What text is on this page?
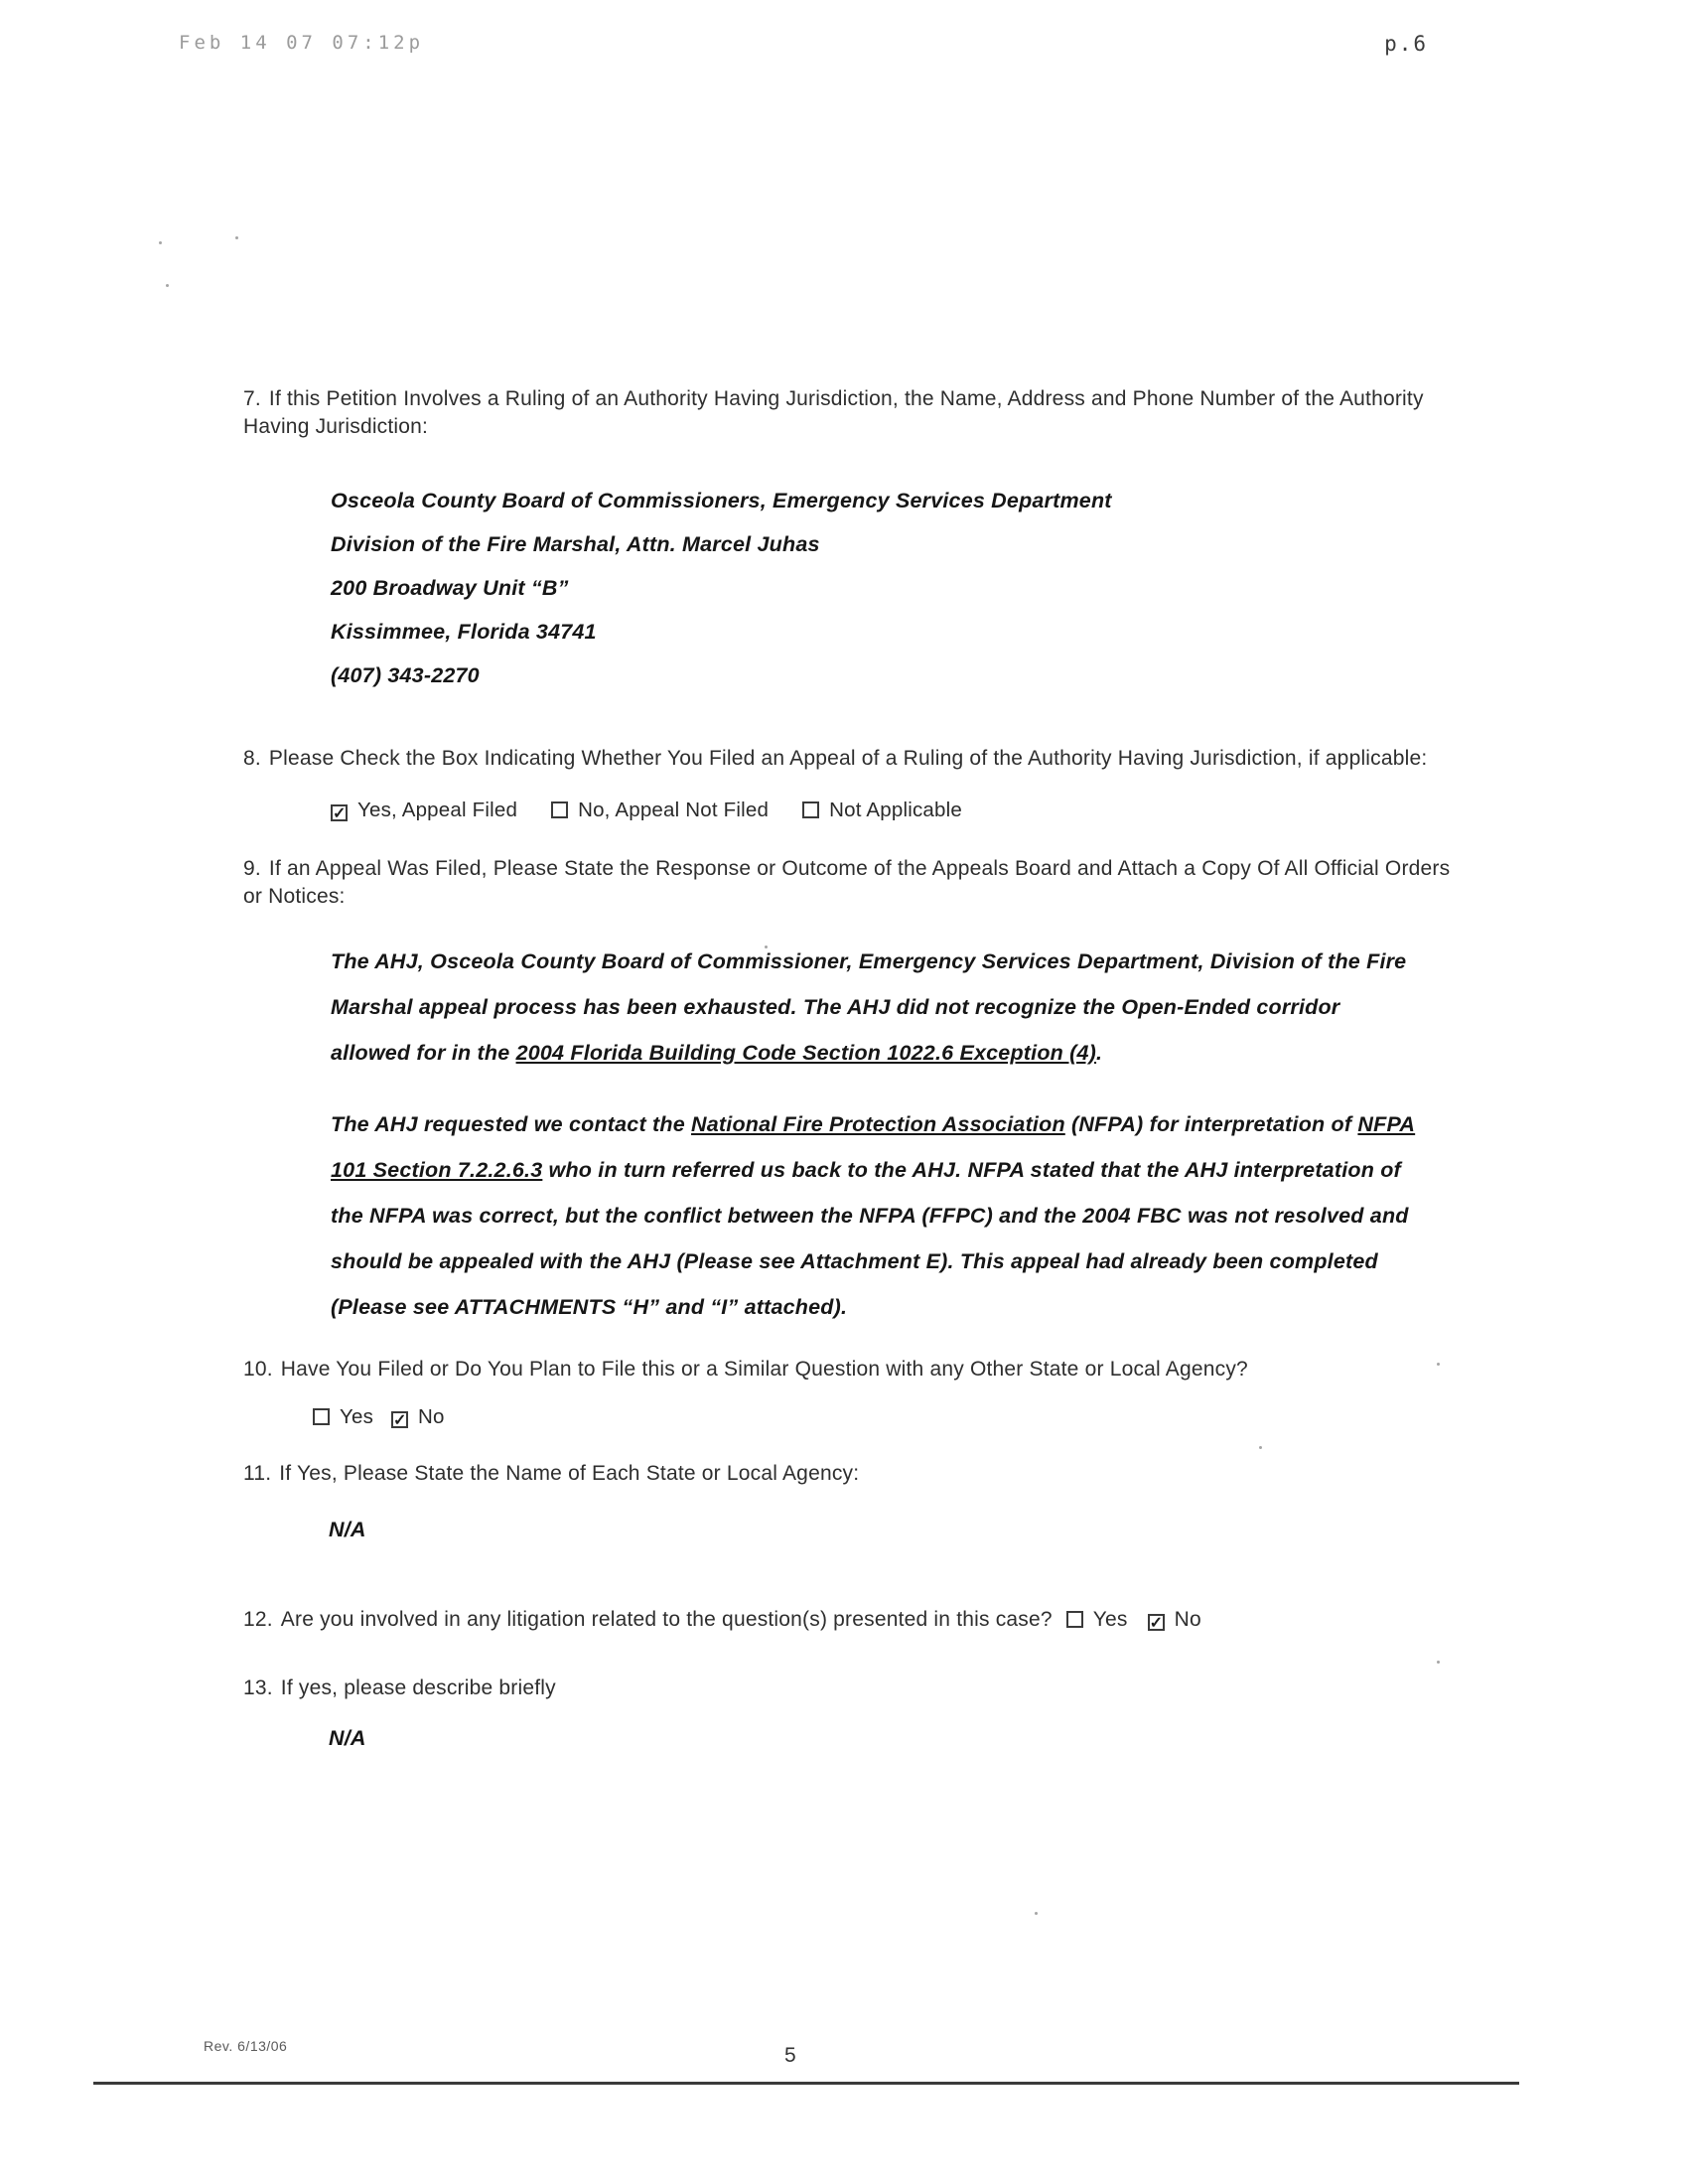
Feb 14 07 07:12p	p.6

7. If this Petition Involves a Ruling of an Authority Having Jurisdiction, the Name, Address and Phone Number of the Authority Having Jurisdiction:

Osceola County Board of Commissioners, Emergency Services Department
Division of the Fire Marshal, Attn. Marcel Juhas
200 Broadway Unit “B”
Kissimmee, Florida 34741
(407) 343-2270

8. Please Check the Box Indicating Whether You Filed an Appeal of a Ruling of the Authority Having Jurisdiction, if applicable:

✓ Yes, Appeal Filed	No, Appeal Not Filed	Not Applicable

9. If an Appeal Was Filed, Please State the Response or Outcome of the Appeals Board and Attach a Copy Of All Official Orders or Notices:

The AHJ, Osceola County Board of Commissioner, Emergency Services Department, Division of the Fire Marshal appeal process has been exhausted. The AHJ did not recognize the Open-Ended corridor allowed for in the 2004 Florida Building Code Section 1022.6 Exception (4).
The AHJ requested we contact the National Fire Protection Association (NFPA) for interpretation of NFPA 101 Section 7.2.2.6.3 who in turn referred us back to the AHJ. NFPA stated that the AHJ interpretation of the NFPA was correct, but the conflict between the NFPA (FFPC) and the 2004 FBC was not resolved and should be appealed with the AHJ (Please see Attachment E). This appeal had already been completed (Please see ATTACHMENTS “H” and “I” attached).

10. Have You Filed or Do You Plan to File this or a Similar Question with any Other State or Local Agency?

Yes ✓ No

11. If Yes, Please State the Name of Each State or Local Agency:

N/A

12. Are you involved in any litigation related to the question(s) presented in this case? Yes ✓ No

13. If yes, please describe briefly

N/A
Rev. 6/13/06	5
